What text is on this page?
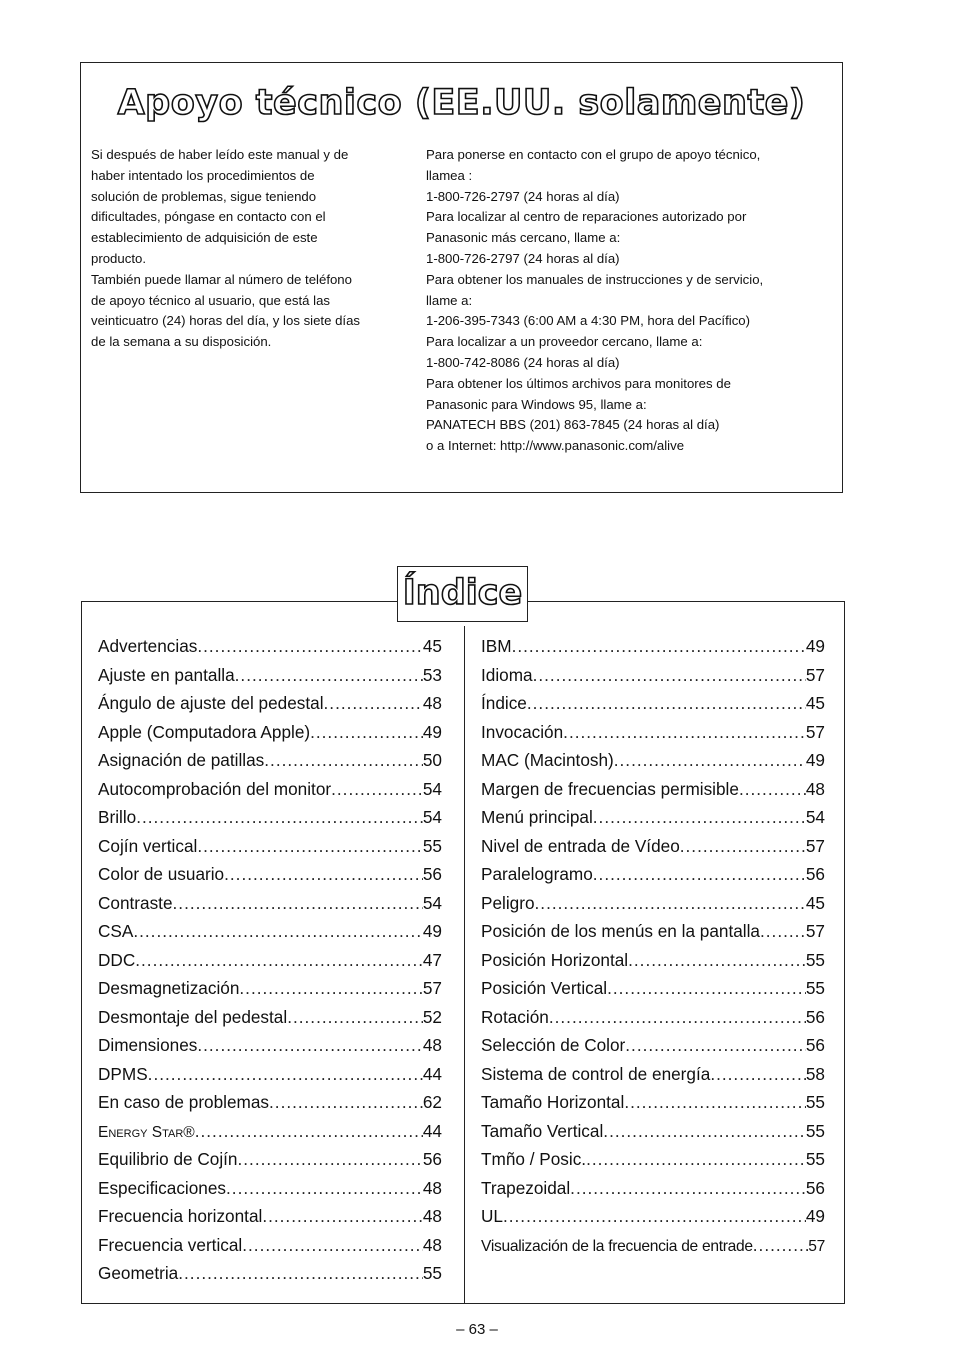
Apoyo técnico (EE.UU. solamente)
Si después de haber leído este manual y de
haber intentado los procedimientos de
solución de problemas, sigue teniendo
dificultades, póngase en contacto con el
establecimiento de adquisición de este
producto.
También puede llamar al número de teléfono
de apoyo técnico al usuario, que está las
veinticuatro (24) horas del día, y los siete días
de la semana a su disposición.
Para ponerse en contacto con el grupo de apoyo técnico,
llamea :
1-800-726-2797 (24 horas al día)
Para localizar al centro de reparaciones autorizado por
Panasonic más cercano, llame a:
1-800-726-2797 (24 horas al día)
Para obtener los manuales de instrucciones y de servicio,
llame a:
1-206-395-7343 (6:00 AM a 4:30 PM, hora del Pacífico)
Para localizar a un proveedor cercano, llame a:
1-800-742-8086 (24 horas al día)
Para obtener los últimos archivos para monitores de
Panasonic para Windows 95, llame a:
PANATECH BBS (201) 863-7845 (24 horas al día)
o a Internet: http://www.panasonic.com/alive
Índice
Advertencias .....	45
Ajuste en pantalla .....	53
Ángulo de ajuste del pedestal .....	48
Apple (Computadora Apple) .....	49
Asignación de patillas .....	50
Autocomprobación del monitor .....	54
Brillo .....	54
Cojín vertical .....	55
Color de usuario .....	56
Contraste .....	54
CSA .....	49
DDC .....	47
Desmagnetización .....	57
Desmontaje del pedestal .....	52
Dimensiones .....	48
DPMS .....	44
En caso de problemas .....	62
Energy Star® .....	44
Equilibrio de Cojín .....	56
Especificaciones .....	48
Frecuencia horizontal .....	48
Frecuencia vertical .....	48
Geometria .....	55
IBM .....	49
Idioma .....	57
Índice .....	45
Invocación .....	57
MAC (Macintosh) .....	49
Margen de frecuencias permisible .....	48
Menú principal .....	54
Nivel de entrada de Vídeo .....	57
Paralelogramo .....	56
Peligro .....	45
Posición de los menús en la pantalla .....	57
Posición Horizontal .....	55
Posición Vertical .....	55
Rotación .....	56
Selección de Color .....	56
Sistema de control de energía .....	58
Tamaño Horizontal .....	55
Tamaño Vertical .....	55
Tmño / Posic. .....	55
Trapezoidal .....	56
UL .....	49
Visualización de la frecuencia de entrade .....	57
– 63 –
